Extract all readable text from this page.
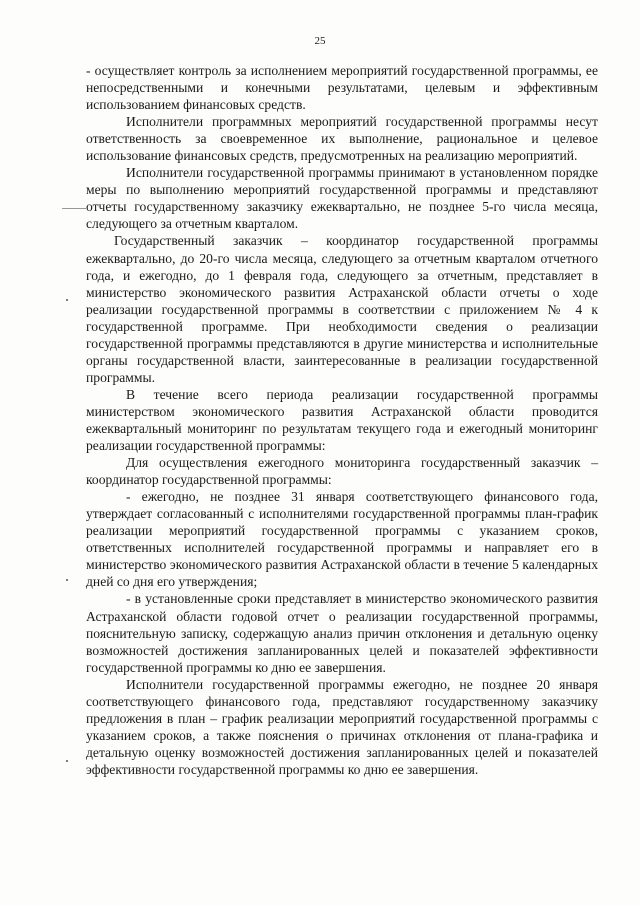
25

- осуществляет контроль за исполнением мероприятий государственной программы, ее непосредственными и конечными результатами, целевым и эффективным использованием финансовых средств.

Исполнители программных мероприятий государственной программы несут ответственность за своевременное их выполнение, рациональное и целевое использование финансовых средств, предусмотренных на реализацию мероприятий.

Исполнители государственной программы принимают в установленном порядке меры по выполнению мероприятий государственной программы и представляют отчеты государственному заказчику ежеквартально, не позднее 5-го числа месяца, следующего за отчетным кварталом.

Государственный заказчик – координатор государственной программы ежеквартально, до 20-го числа месяца, следующего за отчетным кварталом отчетного года, и ежегодно, до 1 февраля года, следующего за отчетным, представляет в министерство экономического развития Астраханской области отчеты о ходе реализации государственной программы в соответствии с приложением № 4 к государственной программе. При необходимости сведения о реализации государственной программы представляются в другие министерства и исполнительные органы государственной власти, заинтересованные в реализации государственной программы.

В течение всего периода реализации государственной программы министерством экономического развития Астраханской области проводится ежеквартальный мониторинг по результатам текущего года и ежегодный мониторинг реализации государственной программы:

Для осуществления ежегодного мониторинга государственный заказчик – координатор государственной программы:

- ежегодно, не позднее 31 января соответствующего финансового года, утверждает согласованный с исполнителями государственной программы план-график реализации мероприятий государственной программы с указанием сроков, ответственных исполнителей государственной программы и направляет его в министерство экономического развития Астраханской области в течение 5 календарных дней со дня его утверждения;

- в установленные сроки представляет в министерство экономического развития Астраханской области годовой отчет о реализации государственной программы, пояснительную записку, содержащую анализ причин отклонения и детальную оценку возможностей достижения запланированных целей и показателей эффективности государственной программы ко дню ее завершения.

Исполнители государственной программы ежегодно, не позднее 20 января соответствующего финансового года, представляют государственному заказчику предложения в план – график реализации мероприятий государственной программы с указанием сроков, а также пояснения о причинах отклонения от плана-графика и детальную оценку возможностей достижения запланированных целей и показателей эффективности государственной программы ко дню ее завершения.
